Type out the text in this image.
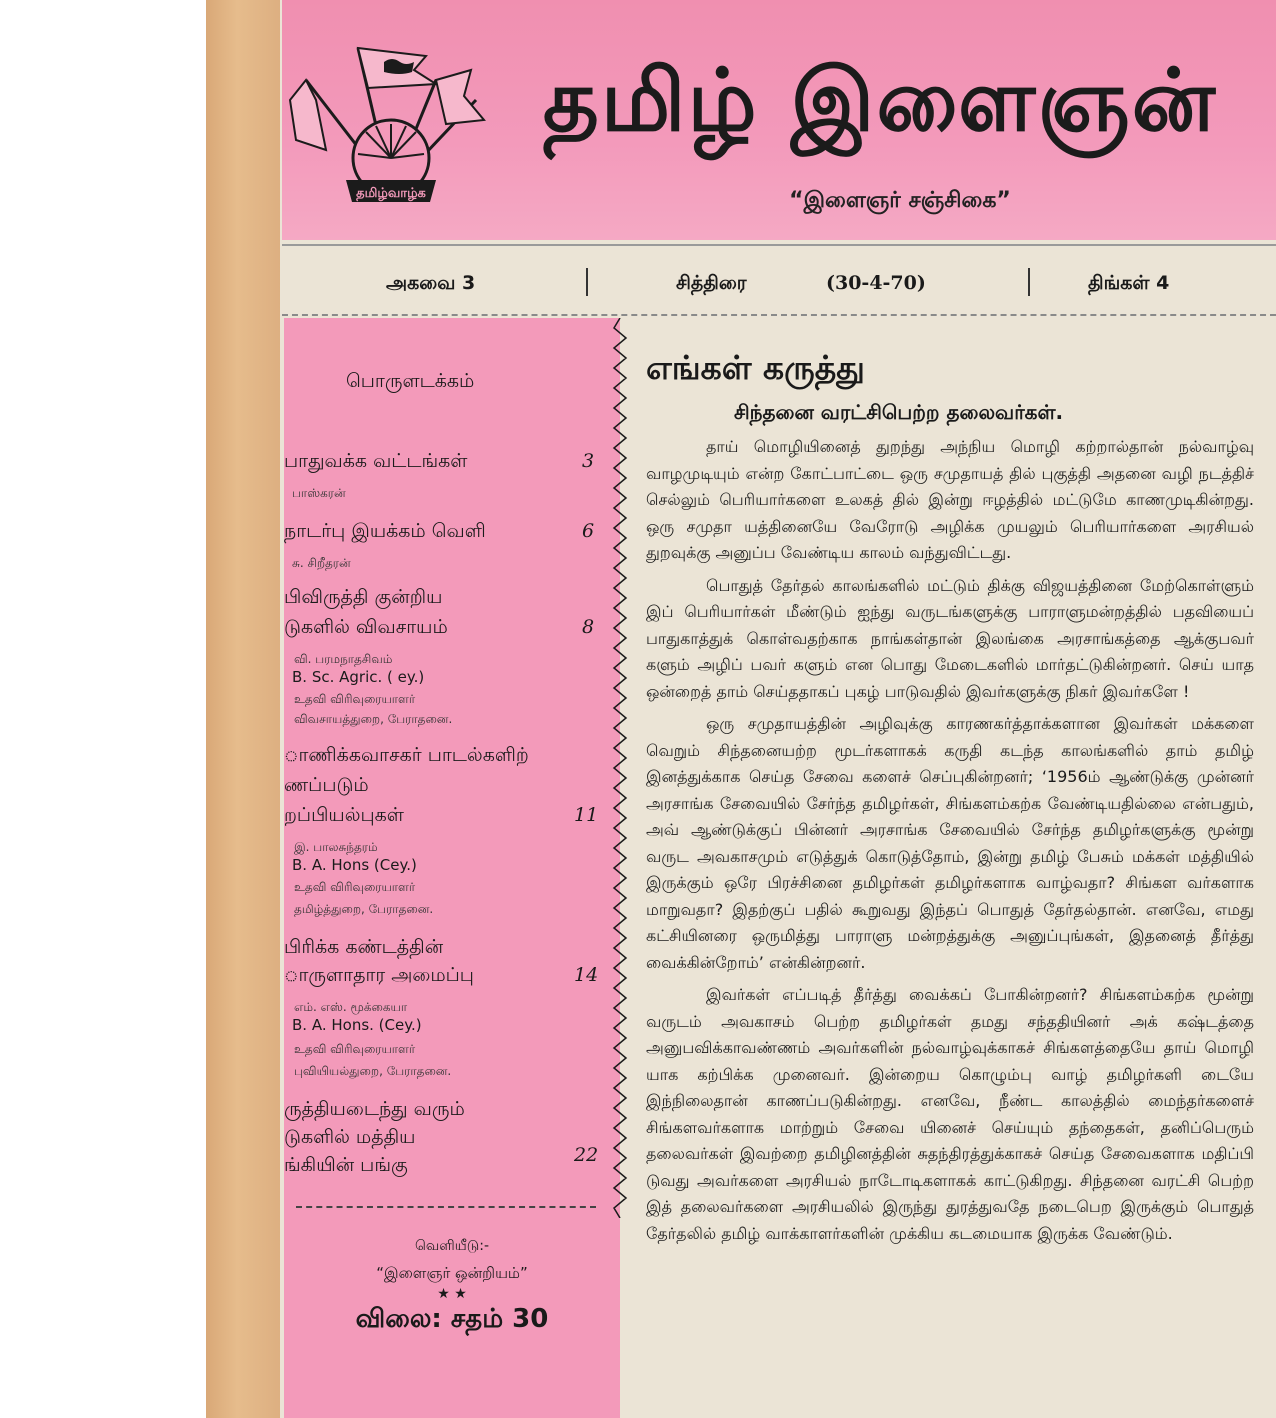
தமிழ்வாழ்க
தமிழ் இளைஞன்
“இளைஞர் சஞ்சிகை”
அகவை 3	சித்திரை	(30-4-70)	திங்கள் 4
பொருளடக்கம்
பாதுவக்க வட்டங்கள்	3
பாஸ்கரன்
நாடர்பு இயக்கம் வெளி	6
சு. சிறீதரன்
பிவிருத்தி குன்றிய
டுகளில் விவசாயம்	8
வி. பரமநாதசிவம்
B. Sc. Agric. ( ey.)
உதவி விரிவுரையாளர்
விவசாயத்துறை, பேராதனை.
ாணிக்கவாசகர் பாடல்களிற்
ணப்படும்
றப்பியல்புகள்	11
இ. பாலசுந்தரம்
B. A. Hons (Cey.)
உதவி விரிவுரையாளர்
தமிழ்த்துறை, பேராதனை.
பிரிக்க கண்டத்தின்
ாருளாதார அமைப்பு	14
எம். எஸ். மூக்கையா
B. A. Hons. (Cey.)
உதவி விரிவுரையாளர்
புவியியல்துறை, பேராதனை.
ருத்தியடைந்து வரும்
டுகளில் மத்திய
ங்கியின் பங்கு	22
வெளியீடு:-
“இளைஞர் ஒன்றியம்”
★ ★
விலை: சதம் 30
எங்கள் கருத்து
சிந்தனை வரட்சிபெற்ற தலைவர்கள்.

தாய் மொழியினைத் துறந்து அந்நிய மொழி கற்றால்தான் நல்வாழ்வு வாழமுடியும் என்ற கோட்பாட்டை ஒரு சமுதாயத் தில் புகுத்தி அதனை வழி நடத்திச் செல்லும் பெரியார்களை உலகத் தில் இன்று ஈழத்தில் மட்டுமே காணமுடிகின்றது. ஒரு சமுதா யத்தினையே வேரோடு அழிக்க முயலும் பெரியார்களை அரசியல் துறவுக்கு அனுப்ப வேண்டிய காலம் வந்துவிட்டது.

பொதுத் தேர்தல் காலங்களில் மட்டும் திக்கு விஜயத்தினை மேற்கொள்ளும் இப் பெரியார்கள் மீண்டும் ஐந்து வருடங்களுக்கு பாராளுமன்றத்தில் பதவியைப் பாதுகாத்துக் கொள்வதற்காக நாங்கள்தான் இலங்கை அரசாங்கத்தை ஆக்குபவர் களும் அழிப் பவர் களும் என பொது மேடைகளில் மார்தட்டுகின்றனர். செய் யாத ஒன்றைத் தாம் செய்ததாகப் புகழ் பாடுவதில் இவர்களுக்கு நிகர் இவர்களே !

ஒரு சமுதாயத்தின் அழிவுக்கு காரணகர்த்தாக்களான இவர்கள் மக்களை வெறும் சிந்தனையற்ற மூடர்களாகக் கருதி கடந்த காலங்களில் தாம் தமிழ் இனத்துக்காக செய்த சேவை களைச் செப்புகின்றனர்; ‘1956ம் ஆண்டுக்கு முன்னர் அரசாங்க சேவையில் சேர்ந்த தமிழர்கள், சிங்களம்கற்க வேண்டியதில்லை என்பதும், அவ் ஆண்டுக்குப் பின்னர் அரசாங்க சேவையில் சேர்ந்த தமிழர்களுக்கு மூன்று வருட அவகாசமும் எடுத்துக் கொடுத்தோம், இன்று தமிழ் பேசும் மக்கள் மத்தியில் இருக்கும் ஒரே பிரச்சினை தமிழர்கள் தமிழர்களாக வாழ்வதா? சிங்கள வர்களாக மாறுவதா? இதற்குப் பதில் கூறுவது இந்தப் பொதுத் தேர்தல்தான். எனவே, எமது கட்சியினரை ஒருமித்து பாராளு மன்றத்துக்கு அனுப்புங்கள், இதனைத் தீர்த்து வைக்கின்றோம்’ என்கின்றனர்.

இவர்கள் எப்படித் தீர்த்து வைக்கப் போகின்றனர்? சிங்களம்கற்க மூன்று வருடம் அவகாசம் பெற்ற தமிழர்கள் தமது சந்ததியினர் அக் கஷ்டத்தை அனுபவிக்காவண்ணம் அவர்களின் நல்வாழ்வுக்காகச் சிங்களத்தையே தாய் மொழி யாக கற்பிக்க முனைவர். இன்றைய கொழும்பு வாழ் தமிழர்களி டையே இந்நிலைதான் காணப்படுகின்றது. எனவே, நீண்ட காலத்தில் மைந்தர்களைச் சிங்களவர்களாக மாற்றும் சேவை யினைச் செய்யும் தந்தைகள், தனிப்பெரும் தலைவர்கள் இவற்றை தமிழினத்தின் சுதந்திரத்துக்காகச் செய்த சேவைகளாக மதிப்பி டுவது அவர்களை அரசியல் நாடோடிகளாகக் காட்டுகிறது. சிந்தனை வரட்சி பெற்ற இத் தலைவர்களை அரசியலில் இருந்து துரத்துவதே நடைபெற இருக்கும் பொதுத் தேர்தலில் தமிழ் வாக்காளர்களின் முக்கிய கடமையாக இருக்க வேண்டும்.
